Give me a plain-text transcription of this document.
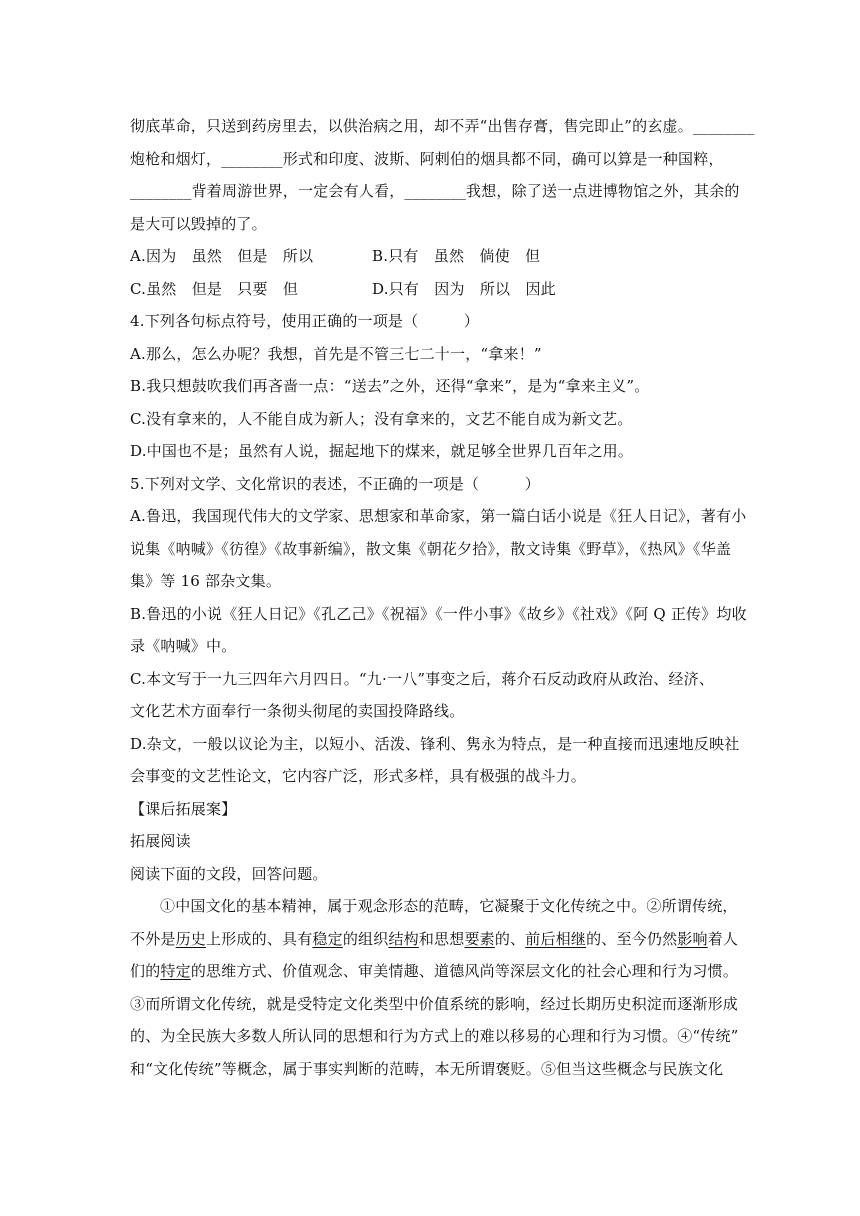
彻底革命，只送到药房里去，以供治病之用，却不弄“出售存膏，售完即止”的玄虚。________
炮枪和烟灯，________形式和印度、波斯、阿剌伯的烟具都不同，确可以算是一种国粹，
________背着周游世界，一定会有人看，________我想，除了送一点进博物馆之外，其余的
是大可以毁掉的了。
A.因为　虽然　但是　所以	B.只有　虽然　倘使　但
C.虽然　但是　只要　但	D.只有　因为　所以　因此
4.下列各句标点符号，使用正确的一项是（　　　）
A.那么，怎么办呢？我想，首先是不管三七二十一，“拿来！”
B.我只想鼓吹我们再吝啬一点：“送去”之外，还得“拿来”，是为“拿来主义”。
C.没有拿来的，人不能自成为新人；没有拿来的，文艺不能自成为新文艺。
D.中国也不是；虽然有人说，掘起地下的煤来，就足够全世界几百年之用。
5.下列对文学、文化常识的表述，不正确的一项是（　　　）
A.鲁迅，我国现代伟大的文学家、思想家和革命家，第一篇白话小说是《狂人日记》，著有小
说集《呐喊》《彷徨》《故事新编》，散文集《朝花夕拾》，散文诗集《野草》，《热风》《华盖
集》等 16 部杂文集。
B.鲁迅的小说《狂人日记》《孔乙己》《祝福》《一件小事》《故乡》《社戏》《阿 Q 正传》均收
录《呐喊》中。
C.本文写于一九三四年六月四日。“九·一八”事变之后，蒋介石反动政府从政治、经济、
文化艺术方面奉行一条彻头彻尾的卖国投降路线。
D.杂文，一般以议论为主，以短小、活泼、锋利、隽永为特点，是一种直接而迅速地反映社
会事变的文艺性论文，它内容广泛，形式多样，具有极强的战斗力。
【课后拓展案】
拓展阅读
阅读下面的文段，回答问题。
①中国文化的基本精神，属于观念形态的范畴，它凝聚于文化传统之中。②所谓传统，
不外是历史上形成的、具有稳定的组织结构和思想要素的、前后相继的、至今仍然影响着人
们的特定的思维方式、价值观念、审美情趣、道德风尚等深层文化的社会心理和行为习惯。
③而所谓文化传统，就是受特定文化类型中价值系统的影响，经过长期历史积淀而逐渐形成
的、为全民族大多数人所认同的思想和行为方式上的难以移易的心理和行为习惯。④“传统”
和“文化传统”等概念，属于事实判断的范畴，本无所谓褒贬。⑤但当这些概念与民族文化
